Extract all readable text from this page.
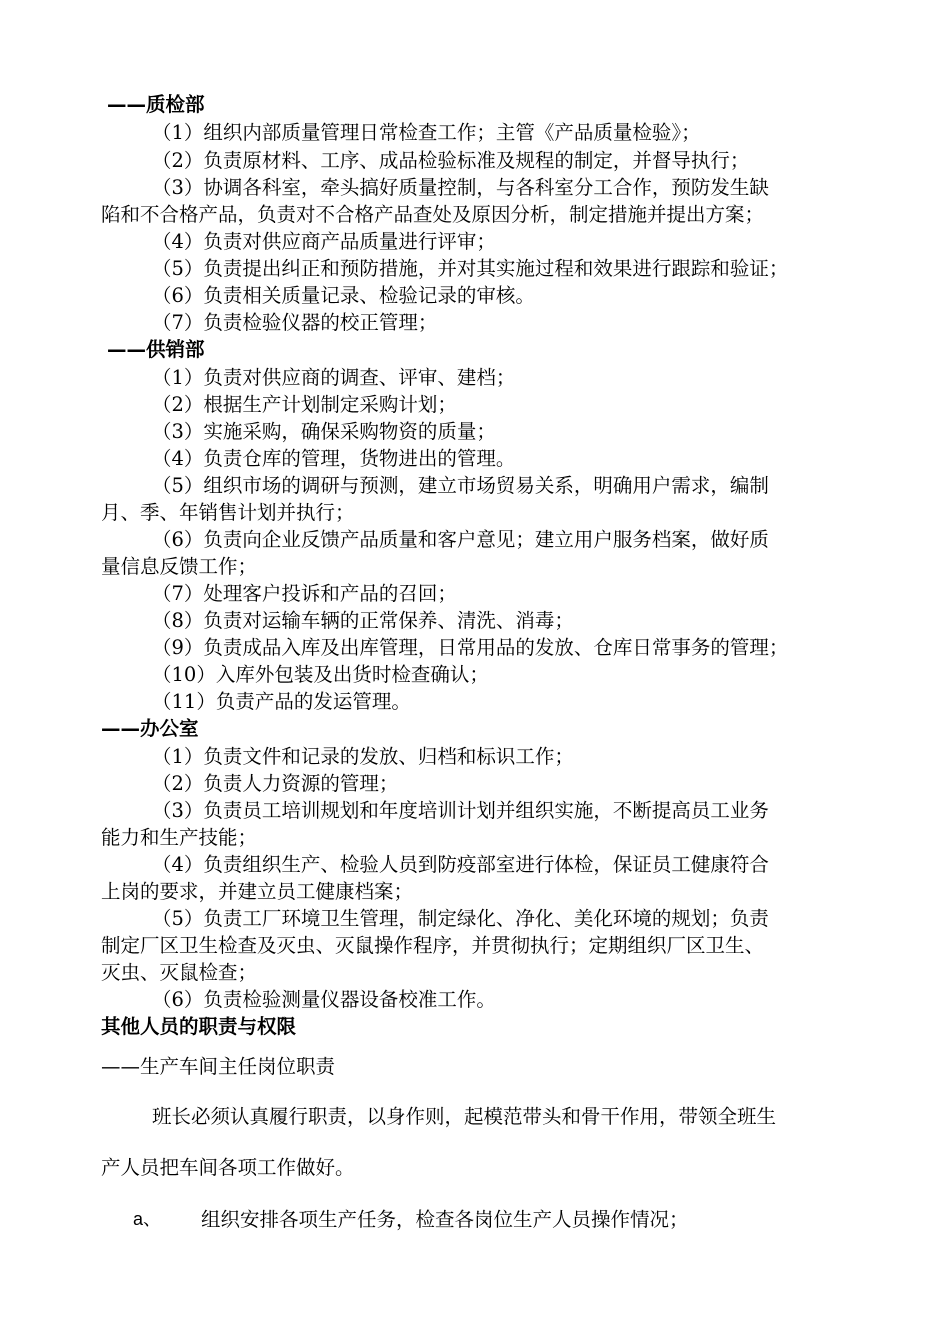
——质检部
（1）组织内部质量管理日常检查工作；主管《产品质量检验》；
（2）负责原材料、工序、成品检验标准及规程的制定，并督导执行；
（3）协调各科室，牵头搞好质量控制，与各科室分工合作，预防发生缺
陷和不合格产品，负责对不合格产品查处及原因分析，制定措施并提出方案；
（4）负责对供应商产品质量进行评审；
（5）负责提出纠正和预防措施，并对其实施过程和效果进行跟踪和验证；
（6）负责相关质量记录、检验记录的审核。
（7）负责检验仪器的校正管理；
——供销部
（1）负责对供应商的调查、评审、建档；
（2）根据生产计划制定采购计划；
（3）实施采购，确保采购物资的质量；
（4）负责仓库的管理，货物进出的管理。
（5）组织市场的调研与预测，建立市场贸易关系，明确用户需求，编制
月、季、年销售计划并执行；
（6）负责向企业反馈产品质量和客户意见；建立用户服务档案，做好质
量信息反馈工作；
（7）处理客户投诉和产品的召回；
（8）负责对运输车辆的正常保养、清洗、消毒；
（9）负责成品入库及出库管理，日常用品的发放、仓库日常事务的管理；
（10）入库外包装及出货时检查确认；
（11）负责产品的发运管理。
——办公室
（1）负责文件和记录的发放、归档和标识工作；
（2）负责人力资源的管理；
（3）负责员工培训规划和年度培训计划并组织实施，不断提高员工业务
能力和生产技能；
（4）负责组织生产、检验人员到防疫部室进行体检，保证员工健康符合
上岗的要求，并建立员工健康档案；
（5）负责工厂环境卫生管理，制定绿化、净化、美化环境的规划；负责
制定厂区卫生检查及灭虫、灭鼠操作程序，并贯彻执行；定期组织厂区卫生、
灭虫、灭鼠检查；
（6）负责检验测量仪器设备校准工作。
其他人员的职责与权限
——生产车间主任岗位职责
班长必须认真履行职责，以身作则，起模范带头和骨干作用，带领全班生
产人员把车间各项工作做好。
a、 组织安排各项生产任务，检查各岗位生产人员操作情况；
